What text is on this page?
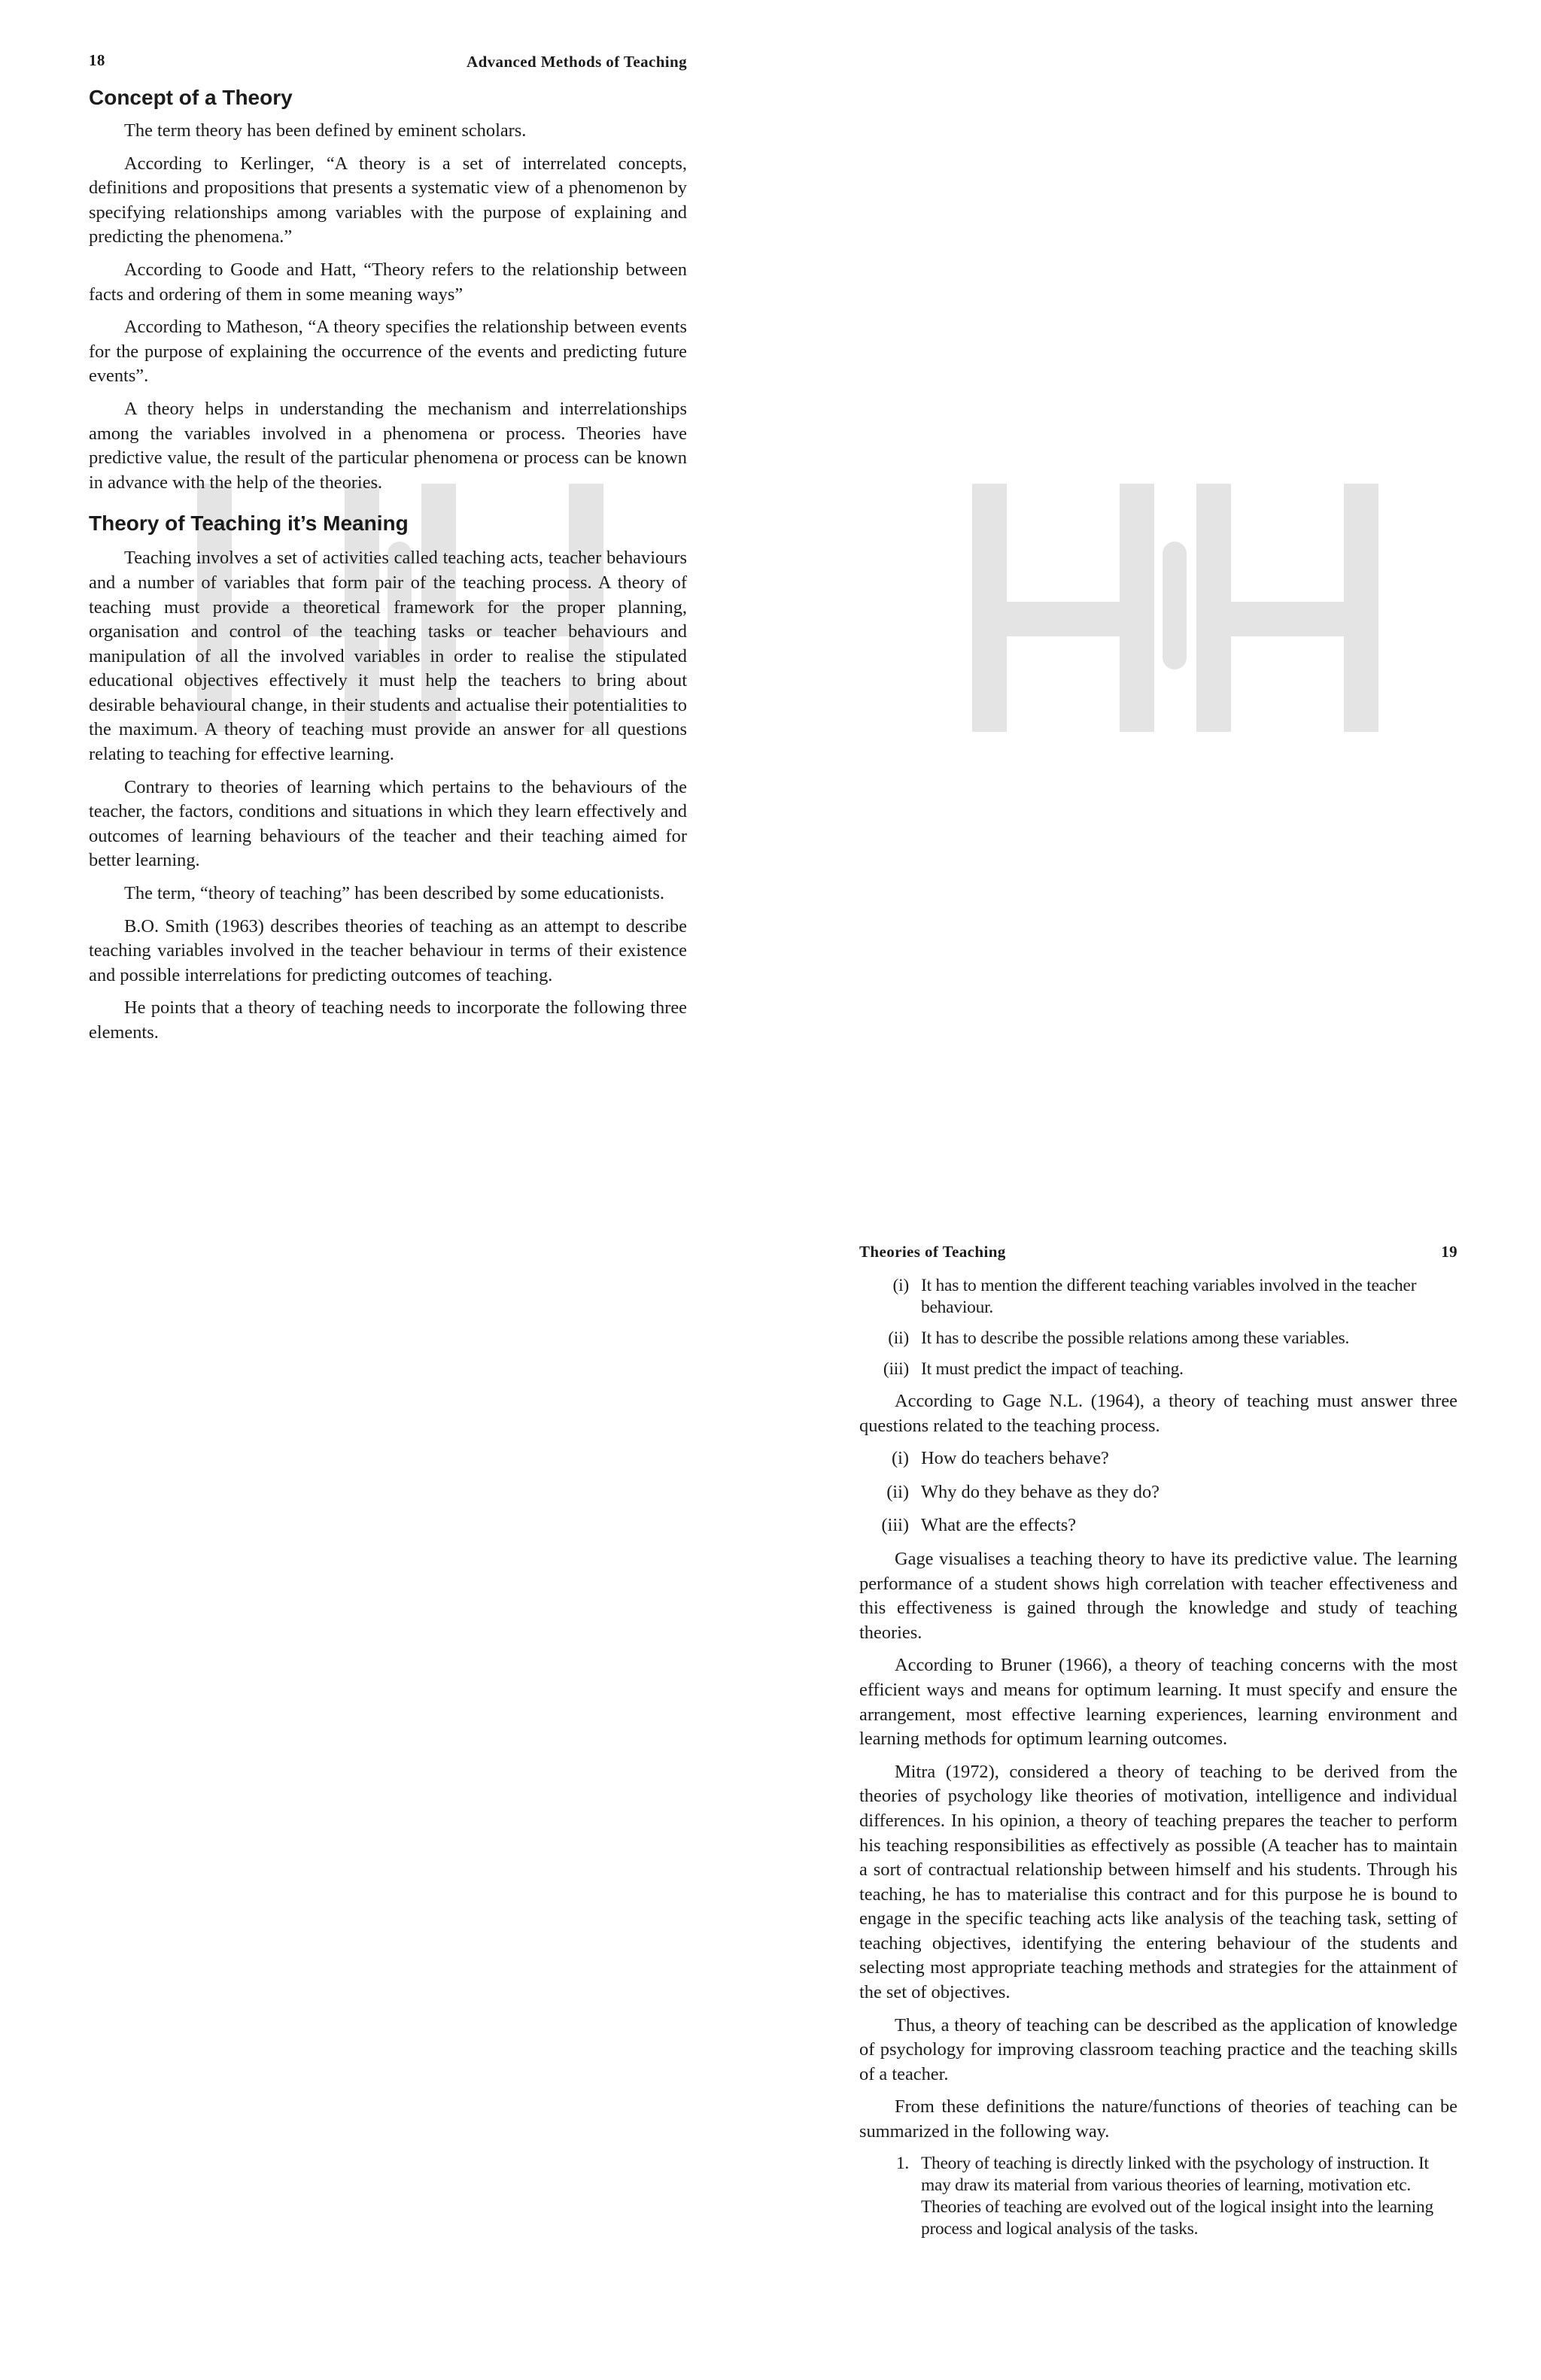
18	Advanced Methods of Teaching
Concept of a Theory

The term theory has been defined by eminent scholars.

According to Kerlinger, “A theory is a set of interrelated concepts, definitions and propositions that presents a systematic view of a phenomenon by specifying relationships among variables with the purpose of explaining and predicting the phenomena.”

According to Goode and Hatt, “Theory refers to the relationship between facts and ordering of them in some meaning ways”

According to Matheson, “A theory specifies the relationship between events for the purpose of explaining the occurrence of the events and predicting future events”.

A theory helps in understanding the mechanism and interrelationships among the variables involved in a phenomena or process. Theories have predictive value, the result of the particular phenomena or process can be known in advance with the help of the theories.

Theory of Teaching it’s Meaning

Teaching involves a set of activities called teaching acts, teacher behaviours and a number of variables that form pair of the teaching process. A theory of teaching must provide a theoretical framework for the proper planning, organisation and control of the teaching tasks or teacher behaviours and manipulation of all the involved variables in order to realise the stipulated educational objectives effectively it must help the teachers to bring about desirable behavioural change, in their students and actualise their potentialities to the maximum. A theory of teaching must provide an answer for all questions relating to teaching for effective learning.

Contrary to theories of learning which pertains to the behaviours of the teacher, the factors, conditions and situations in which they learn effectively and outcomes of learning behaviours of the teacher and their teaching aimed for better learning.

The term, “theory of teaching” has been described by some educationists.

B.O. Smith (1963) describes theories of teaching as an attempt to describe teaching variables involved in the teacher behaviour in terms of their existence and possible interrelations for predicting outcomes of teaching.

He points that a theory of teaching needs to incorporate the following three elements.

Theories of Teaching	19
(i) It has to mention the different teaching variables involved in the teacher behaviour.
(ii) It has to describe the possible relations among these variables.
(iii) It must predict the impact of teaching.

According to Gage N.L. (1964), a theory of teaching must answer three questions related to the teaching process.

(i) How do teachers behave?
(ii) Why do they behave as they do?
(iii) What are the effects?

Gage visualises a teaching theory to have its predictive value. The learning performance of a student shows high correlation with teacher effectiveness and this effectiveness is gained through the knowledge and study of teaching theories.

According to Bruner (1966), a theory of teaching concerns with the most efficient ways and means for optimum learning. It must specify and ensure the arrangement, most effective learning experiences, learning environment and learning methods for optimum learning outcomes.

Mitra (1972), considered a theory of teaching to be derived from the theories of psychology like theories of motivation, intelligence and individual differences. In his opinion, a theory of teaching prepares the teacher to perform his teaching responsibilities as effectively as possible (A teacher has to maintain a sort of contractual relationship between himself and his students. Through his teaching, he has to materialise this contract and for this purpose he is bound to engage in the specific teaching acts like analysis of the teaching task, setting of teaching objectives, identifying the entering behaviour of the students and selecting most appropriate teaching methods and strategies for the attainment of the set of objectives.

Thus, a theory of teaching can be described as the application of knowledge of psychology for improving classroom teaching practice and the teaching skills of a teacher.

From these definitions the nature/functions of theories of teaching can be summarized in the following way.

1. Theory of teaching is directly linked with the psychology of instruction. It may draw its material from various theories of learning, motivation etc. Theories of teaching are evolved out of the logical insight into the learning process and logical analysis of the tasks.
